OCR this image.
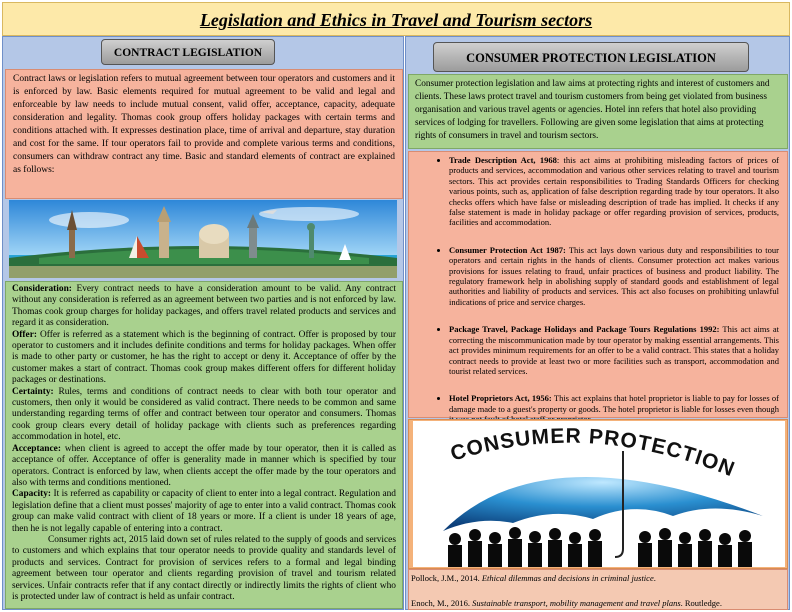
Legislation and Ethics in Travel and Tourism sectors
CONTRACT LEGISLATION
Contract laws or legislation refers to mutual agreement between tour operators and customers and it is enforced by law. Basic elements required for mutual agreement to be valid and legal and enforceable by law needs to include mutual consent, valid offer, acceptance, capacity, adequate consideration and legality. Thomas cook group offers holiday packages with certain terms and conditions attached with. It expresses destination place, time of arrival and departure, stay duration and cost for the same. If tour operators fail to provide and complete various terms and conditions, consumers can withdraw contract any time. Basic and standard elements of contract are explained as follows:

Consideration: Every contract needs to have a consideration amount to be valid. Any contract without any consideration is referred as an agreement between two parties and is not enforced by law. Thomas cook group charges for holiday packages, and offers travel related products and services and regard it as consideration.

Offer: Offer is referred as a statement which is the beginning of contract. Offer is proposed by tour operator to customers and it includes definite conditions and terms for holiday packages. When offer is made to other party or customer, he has the right to accept or deny it. Acceptance of offer by the customer makes a start of contract. Thomas cook group makes different offers for different holiday packages or destinations.

Certainty: Rules, terms and conditions of contract needs to clear with both tour operator and customers, then only it would be considered as valid contract. There needs to be common and same understanding regarding terms of offer and contract between tour operator and consumers. Thomas cook group clears every detail of holiday package with clients such as preferences regarding accommodation in hotel, etc.

Acceptance: when client is agreed to accept the offer made by tour operator, then it is called as acceptance of offer. Acceptance of offer is generality made in manner which is specified by tour operators. Contract is enforced by law, when clients accept the offer made by the tour operators and also with terms and conditions mentioned.

Capacity: It is referred as capability or capacity of client to enter into a legal contract. Regulation and legislation define that a client must posses' majority of age to enter into a valid contract. Thomas cook group can make valid contract with client of 18 years or more. If a client is under 18 years of age, then he is not legally capable of entering into a contract.

Consumer rights act, 2015 laid down set of rules related to the supply of goods and services to customers and which explains that tour operator needs to provide quality and standards level of products and services. Contract for provision of services refers to a formal and legal binding agreement between tour operator and clients regarding provision of travel and tourism related services. Unfair contracts refer that if any contact directly or indirectly limits the rights of client who is protected under law of contract is held as unfair contract.

CONSUMER PROTECTION LEGISLATION
Consumer protection legislation and law aims at protecting rights and interest of customers and clients. These laws protect travel and tourism customers from being get violated from business organisation and various travel agents or agencies. Hotel inn refers that hotel also providing services of lodging for travellers. Following are given some legislation that aims at protecting rights of consumers in travel and tourism sectors.
• Trade Description Act, 1968: this act aims at prohibiting misleading factors of prices of products and services, accommodation and various other services relating to travel and tourism sectors. This act provides certain responsibilities to Trading Standards Officers for checking various points, such as, application of false description regarding trade by tour operators. It also checks offers which have false or misleading description of trade has implied. It checks if any false statement is made in holiday package or offer regarding provision of services, products, facilities and accommodation.
• Consumer Protection Act 1987: This act lays down various duty and responsibilities to tour operators and certain rights in the hands of clients. Consumer protection act makes various provisions for issues relating to fraud, unfair practices of business and product liability. The regulatory framework help in abolishing supply of standard goods and establishment of legal authorities and liability of products and services. This act also focuses on prohibiting unlawful indications of price and service charges.
• Package Travel, Package Holidays and Package Tours Regulations 1992: This act aims at correcting the miscommunication made by tour operator by making essential arrangements. This act provides minimum requirements for an offer to be a valid contract. This states that a holiday contract needs to provide at least two or more facilities such as transport, accommodation and tourist related services.
• Hotel Proprietors Act, 1956: This act explains that hotel proprietor is liable to pay for losses of damage made to a guest's property or goods. The hotel proprietor is liable for losses even though
CONSUMER PROTECTION

Pollock, J.M., 2014. Ethical dilemmas and decisions in criminal justice.

Enoch, M., 2016. Sustainable transport, mobility management and travel plans. Routledge.
